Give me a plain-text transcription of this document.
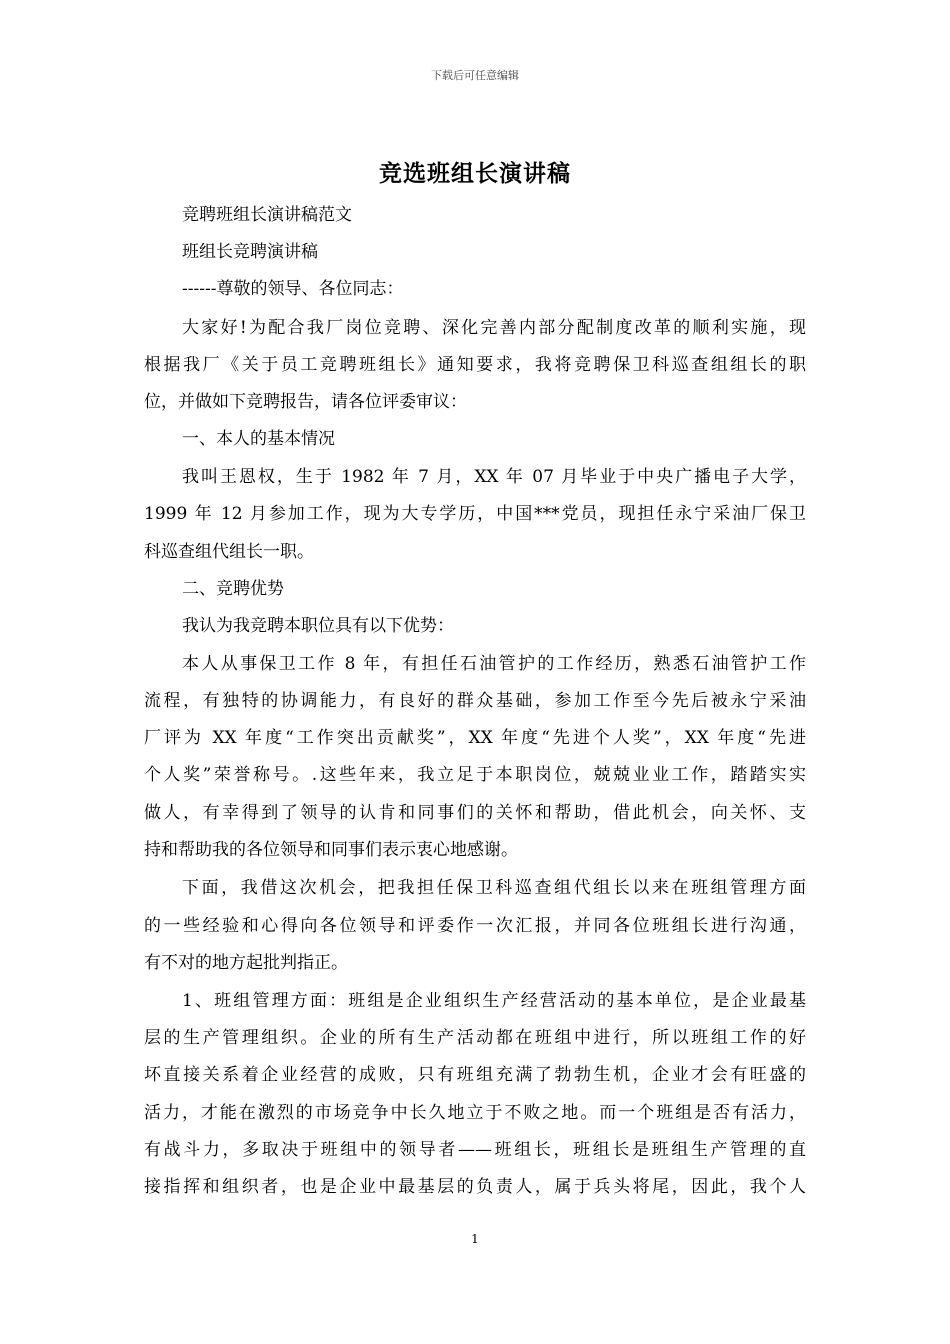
下载后可任意编辑
竞选班组长演讲稿
竞聘班组长演讲稿范文
班组长竞聘演讲稿
------尊敬的领导、各位同志：
大家好!为配合我厂岗位竞聘、深化完善内部分配制度改革的顺利实施，现
根据我厂《关于员工竞聘班组长》通知要求，我将竞聘保卫科巡查组组长的职
位，并做如下竞聘报告，请各位评委审议：
一、本人的基本情况
我叫王恩权，生于 1982 年 7 月，XX 年 07 月毕业于中央广播电子大学，
1999 年 12 月参加工作，现为大专学历，中国***党员，现担任永宁采油厂保卫
科巡查组代组长一职。
二、竞聘优势
我认为我竞聘本职位具有以下优势：
本人从事保卫工作 8 年，有担任石油管护的工作经历，熟悉石油管护工作
流程，有独特的协调能力，有良好的群众基础，参加工作至今先后被永宁采油
厂评为 XX 年度“工作突出贡献奖”，XX 年度“先进个人奖”，XX 年度“先进
个人奖”荣誉称号。.这些年来，我立足于本职岗位，兢兢业业工作，踏踏实实
做人，有幸得到了领导的认肯和同事们的关怀和帮助，借此机会，向关怀、支
持和帮助我的各位领导和同事们表示衷心地感谢。
下面，我借这次机会，把我担任保卫科巡查组代组长以来在班组管理方面
的一些经验和心得向各位领导和评委作一次汇报，并同各位班组长进行沟通，
有不对的地方起批判指正。
1、班组管理方面：班组是企业组织生产经营活动的基本单位，是企业最基
层的生产管理组织。企业的所有生产活动都在班组中进行，所以班组工作的好
坏直接关系着企业经营的成败，只有班组充满了勃勃生机，企业才会有旺盛的
活力，才能在激烈的市场竞争中长久地立于不败之地。而一个班组是否有活力，
有战斗力，多取决于班组中的领导者——班组长，班组长是班组生产管理的直
接指挥和组织者，也是企业中最基层的负责人，属于兵头将尾，因此，我个人
1
